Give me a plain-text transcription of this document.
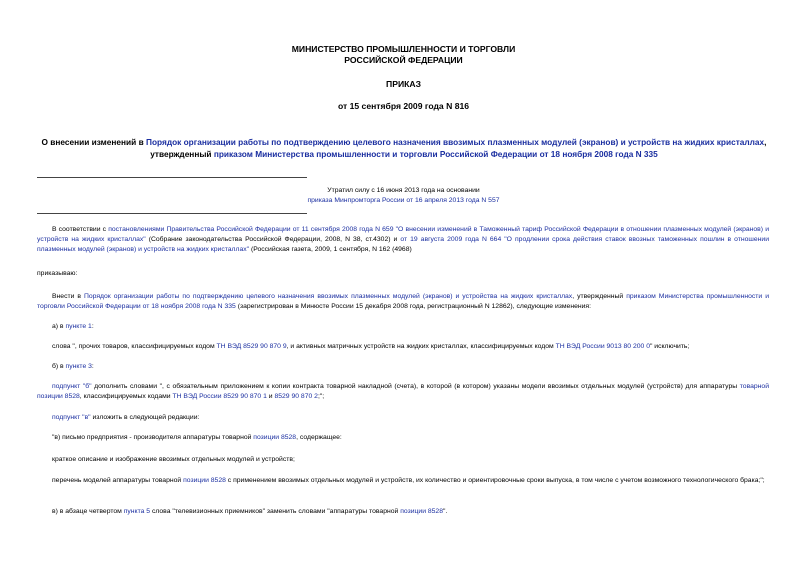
МИНИСТЕРСТВО ПРОМЫШЛЕННОСТИ И ТОРГОВЛИ
РОССИЙСКОЙ ФЕДЕРАЦИИ
ПРИКАЗ
от 15 сентября 2009 года N 816
О внесении изменений в Порядок организации работы по подтверждению целевого назначения ввозимых плазменных модулей (экранов) и устройств на жидких кристаллах, утвержденный приказом Министерства промышленности и торговли Российской Федерации от 18 ноября 2008 года N 335
Утратил силу с 16 июня 2013 года на основании
приказа Минпромторга России от 16 апреля 2013 года N 557
В соответствии с постановлениями Правительства Российской Федерации от 11 сентября 2008 года N 659 "О внесении изменений в Таможенный тариф Российской Федерации в отношении плазменных модулей (экранов) и устройств на жидких кристаллах" (Собрание законодательства Российской Федерации, 2008, N 38, ст.4302) и от 19 августа 2009 года N 664 "О продлении срока действия ставок ввозных таможенных пошлин в отношении плазменных модулей (экранов) и устройств на жидких кристаллах" (Российская газета, 2009, 1 сентября, N 162 (4968)
приказываю:
Внести в Порядок организации работы по подтверждению целевого назначения ввозимых плазменных модулей (экранов) и устройства на жидких кристаллах, утвержденный приказом Министерства промышленности и торговли Российской Федерации от 18 ноября 2008 года N 335 (зарегистрирован в Минюсте России 15 декабря 2008 года, регистрационный N 12862), следующие изменения:
а) в пункте 1:
слова ", прочих товаров, классифицируемых кодом ТН ВЭД 8529 90 870 9, и активных матричных устройств на жидких кристаллах, классифицируемых кодом ТН ВЭД России 9013 80 200 0" исключить;
б) в пункте 3:
подпункт "б" дополнить словами ", с обязательным приложением к копии контракта товарной накладной (счета), в которой (в котором) указаны модели ввозимых отдельных модулей (устройств) для аппаратуры товарной позиции 8528, классифицируемых кодами ТН ВЭД России 8529 90 870 1 и 8529 90 870 2;";
подпункт "в" изложить в следующей редакции:
"в) письмо предприятия - производителя аппаратуры товарной позиции 8528, содержащее:
краткое описание и изображение ввозимых отдельных модулей и устройств;
перечень моделей аппаратуры товарной позиции 8528 с применением ввозимых отдельных модулей и устройств, их количество и ориентировочные сроки выпуска, в том числе с учетом возможного технологического брака;";
в) в абзаце четвертом пункта 5 слова "телевизионных приемников" заменить словами "аппаратуры товарной позиции 8528".
